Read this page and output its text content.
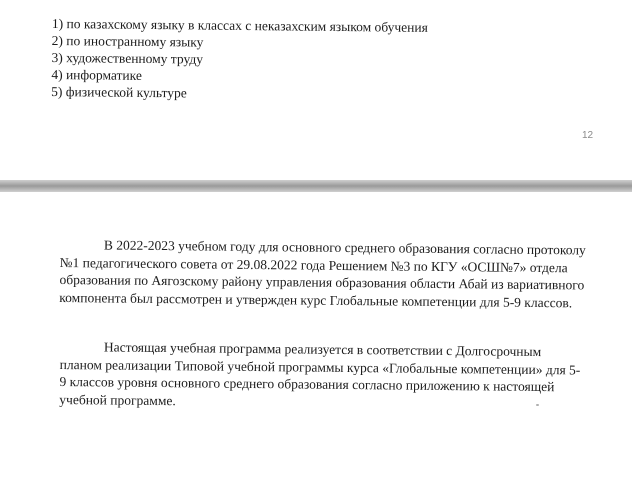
1) по казахскому языку в классах с неказахским языком обучения
2) по иностранному языку
3) художественному труду
4) информатике
5) физической культуре
12

В 2022-2023 учебном году для основного среднего образования согласно протоколу №1 педагогического совета от 29.08.2022 года Решением №3 по КГУ «ОСШ№7» отдела образования по Аягозскому району управления образования области Абай из вариативного компонента был рассмотрен и утвержден курс Глобальные компетенции для 5-9 классов.

Настоящая учебная программа реализуется в соответствии с Долгосрочным планом реализации Типовой учебной программы курса «Глобальные компетенции» для 5-9 классов уровня основного среднего образования согласно приложению к настоящей учебной программе.
